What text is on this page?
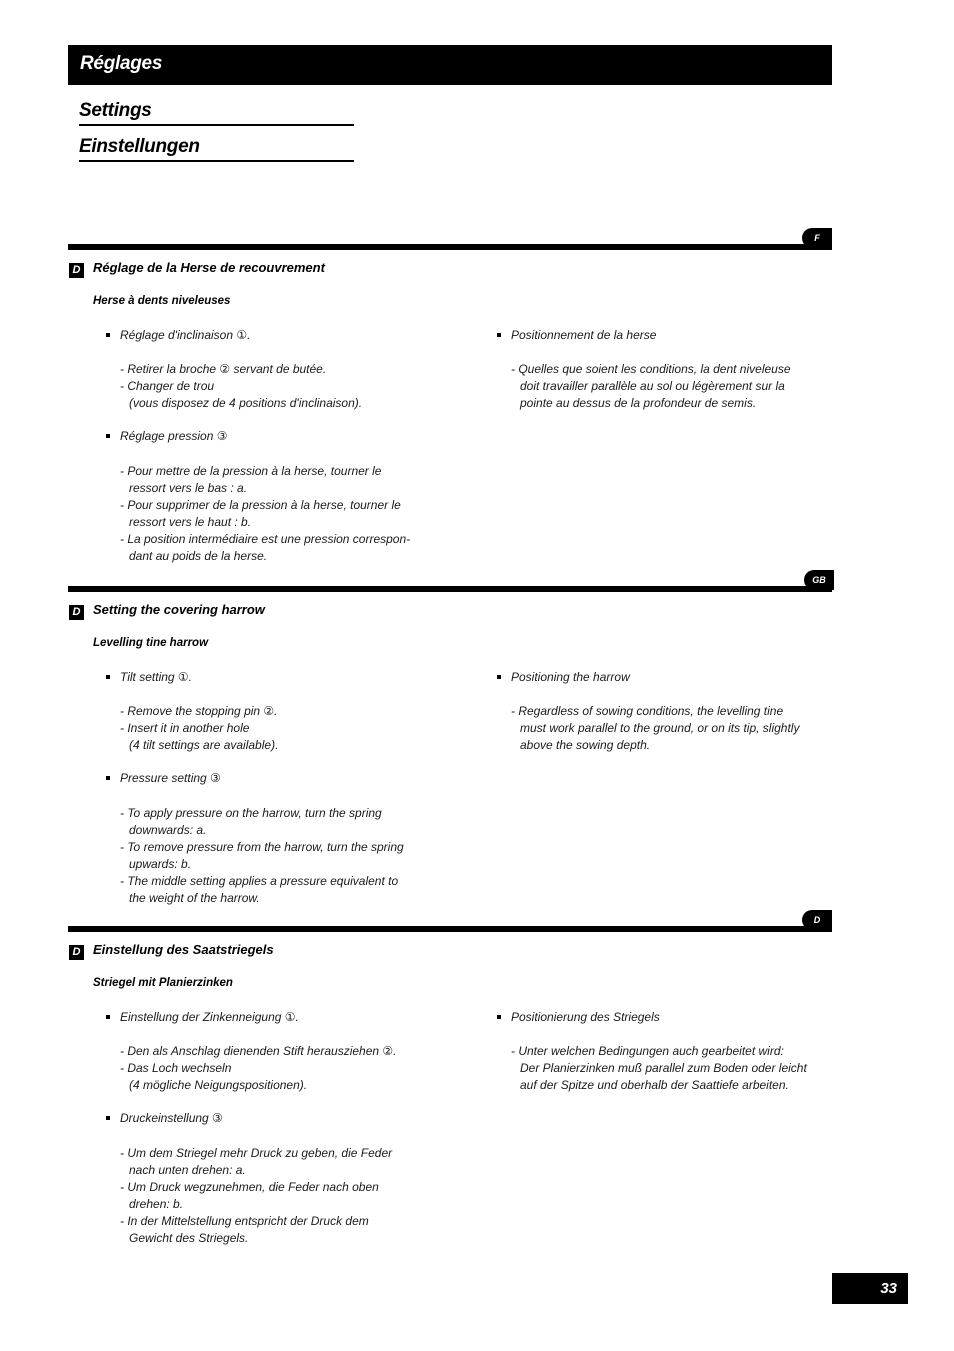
Réglages
Settings
Einstellungen
F
D Réglage de la Herse de recouvrement
Herse à dents niveleuses
Réglage d'inclinaison ①.
- Retirer la broche ② servant de butée.
- Changer de trou
(vous disposez de 4 positions d'inclinaison).
Réglage pression ③
- Pour mettre de la pression à la herse, tourner le
ressort vers le bas : a.
- Pour supprimer de la pression à la herse, tourner le
ressort vers le haut : b.
- La position intermédiaire est une pression correspon-
dant au poids de la herse.
Positionnement de la herse
- Quelles que soient les conditions, la dent niveleuse
doit travailler parallèle au sol ou légèrement sur la
pointe au dessus de la profondeur de semis.
GB
D Setting the covering harrow
Levelling tine harrow
Tilt setting ①.
- Remove the stopping pin ②.
- Insert it in another hole
(4 tilt settings are available).
Pressure setting ③
- To apply pressure on the harrow, turn the spring
downwards: a.
- To remove pressure from the harrow, turn the spring
upwards: b.
- The middle setting applies a pressure equivalent to
the weight of the harrow.
Positioning the harrow
- Regardless of sowing conditions, the levelling tine
must work parallel to the ground, or on its tip, slightly
above the sowing depth.
D
D Einstellung des Saatstriegels
Striegel mit Planierzinken
Einstellung der Zinkenneigung ①.
- Den als Anschlag dienenden Stift herausziehen ②.
- Das Loch wechseln
(4 mögliche Neigungspositionen).
Druckeinstellung ③
- Um dem Striegel mehr Druck zu geben, die Feder
nach unten drehen: a.
- Um Druck wegzunehmen, die Feder nach oben
drehen: b.
- In der Mittelstellung entspricht der Druck dem
Gewicht des Striegels.
Positionierung des Striegels
- Unter welchen Bedingungen auch gearbeitet wird:
Der Planierzinken muß parallel zum Boden oder leicht
auf der Spitze und oberhalb der Saattiefe arbeiten.
33
